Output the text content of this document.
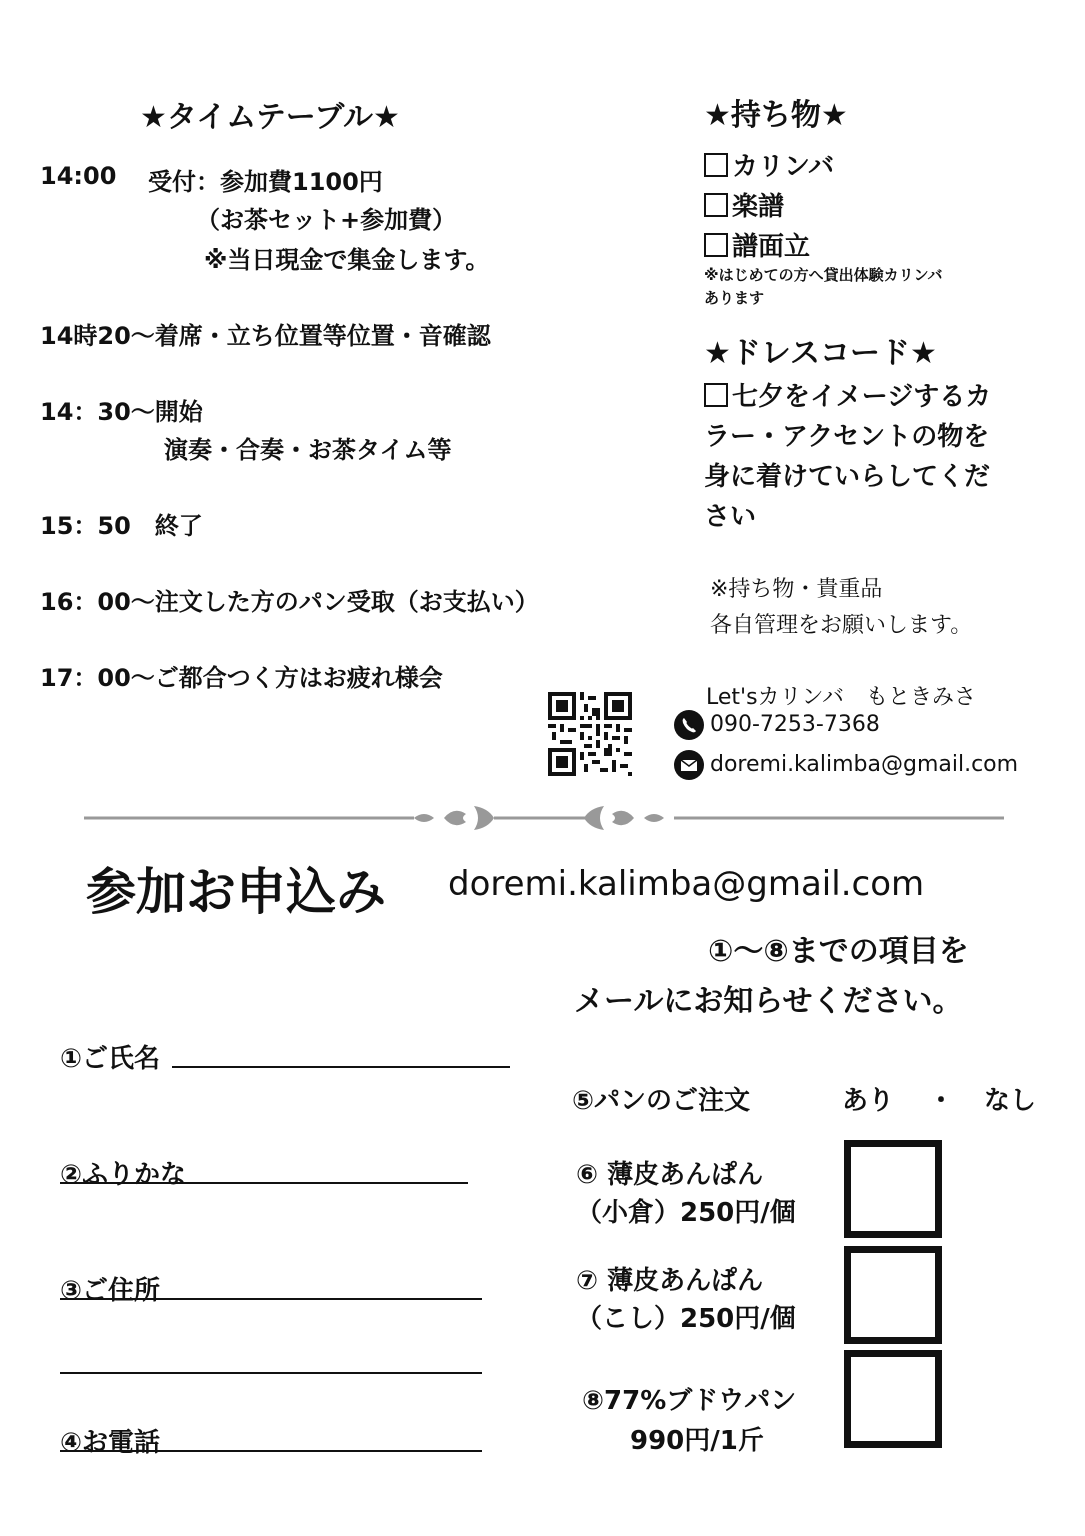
★タイムテーブル★
14:00 受付：参加費1100円
（お茶セット+参加費）
※当日現金で集金します。
14時20～着席・立ち位置等位置・音確認
14：30～開始
演奏・合奏・お茶タイム等
15：50　終了
16：00～注文した方のパン受取（お支払い）
17：00～ご都合つく方はお疲れ様会
★持ち物★
カリンバ
楽譜
譜面立
※はじめての方へ貸出体験カリンバ
あります
★ドレスコード★
七夕をイメージするカ
ラー・アクセントの物を
身に着けていらしてくだ
さい
※持ち物・貴重品
各自管理をお願いします。
Let'sカリンバ　もときみさ
090-7253-7368
doremi.kalimba@gmail.com
参加お申込み doremi.kalimba@gmail.com
①～⑧までの項目を
メールにお知らせください。
①ご氏名
②ふりかな
③ご住所
④お電話
⑤パンのご注文	あり ・ なし
⑥ 薄皮あんぱん
（小倉）250円/個
⑦ 薄皮あんぱん
（こし）250円/個
⑧77%ブドウパン
990円/1斤
